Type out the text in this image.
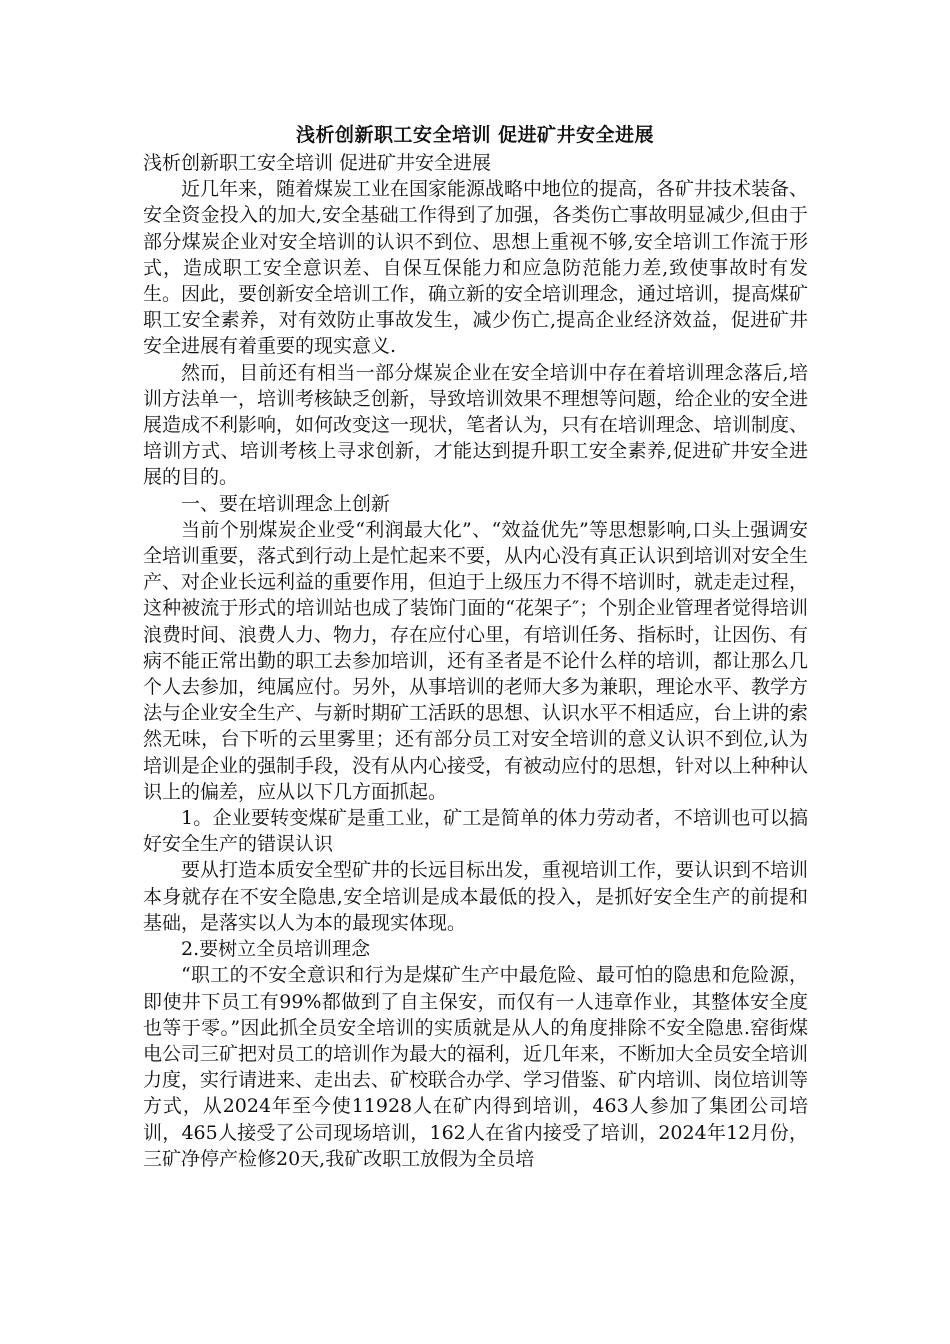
浅析创新职工安全培训 促进矿井安全进展

浅析创新职工安全培训 促进矿井安全进展

近几年来，随着煤炭工业在国家能源战略中地位的提高，各矿井技术装备、安全资金投入的加大,安全基础工作得到了加强，各类伤亡事故明显减少,但由于部分煤炭企业对安全培训的认识不到位、思想上重视不够,安全培训工作流于形式，造成职工安全意识差、自保互保能力和应急防范能力差,致使事故时有发生。因此，要创新安全培训工作，确立新的安全培训理念，通过培训，提高煤矿职工安全素养，对有效防止事故发生，减少伤亡,提高企业经济效益，促进矿井安全进展有着重要的现实意义.

然而，目前还有相当一部分煤炭企业在安全培训中存在着培训理念落后,培训方法单一，培训考核缺乏创新，导致培训效果不理想等问题，给企业的安全进展造成不利影响，如何改变这一现状，笔者认为，只有在培训理念、培训制度、培训方式、培训考核上寻求创新，才能达到提升职工安全素养,促进矿井安全进展的目的。

一、要在培训理念上创新

当前个别煤炭企业受“利润最大化”、“效益优先”等思想影响,口头上强调安全培训重要，落式到行动上是忙起来不要，从内心没有真正认识到培训对安全生产、对企业长远利益的重要作用，但迫于上级压力不得不培训时，就走走过程，这种被流于形式的培训站也成了装饰门面的“花架子″；个别企业管理者觉得培训浪费时间、浪费人力、物力，存在应付心里，有培训任务、指标时，让因伤、有病不能正常出勤的职工去参加培训，还有圣者是不论什么样的培训，都让那么几个人去参加，纯属应付。另外，从事培训的老师大多为兼职，理论水平、教学方法与企业安全生产、与新时期矿工活跃的思想、认识水平不相适应，台上讲的索然无味，台下听的云里雾里；还有部分员工对安全培训的意义认识不到位,认为培训是企业的强制手段，没有从内心接受，有被动应付的思想，针对以上种种认识上的偏差，应从以下几方面抓起。

1。企业要转变煤矿是重工业，矿工是简单的体力劳动者，不培训也可以搞好安全生产的错误认识

要从打造本质安全型矿井的长远目标出发，重视培训工作，要认识到不培训本身就存在不安全隐患,安全培训是成本最低的投入，是抓好安全生产的前提和基础，是落实以人为本的最现实体现。

2.要树立全员培训理念

“职工的不安全意识和行为是煤矿生产中最危险、最可怕的隐患和危险源，即使井下员工有99%都做到了自主保安，而仅有一人违章作业，其整体安全度也等于零。”因此抓全员安全培训的实质就是从人的角度排除不安全隐患.窑街煤电公司三矿把对员工的培训作为最大的福利，近几年来，不断加大全员安全培训力度，实行请进来、走出去、矿校联合办学、学习借鉴、矿内培训、岗位培训等方式，从2024年至今使11928人在矿内得到培训，463人参加了集团公司培训，465人接受了公司现场培训，162人在省内接受了培训，2024年12月份， 三矿净停产检修20天,我矿改职工放假为全员培
